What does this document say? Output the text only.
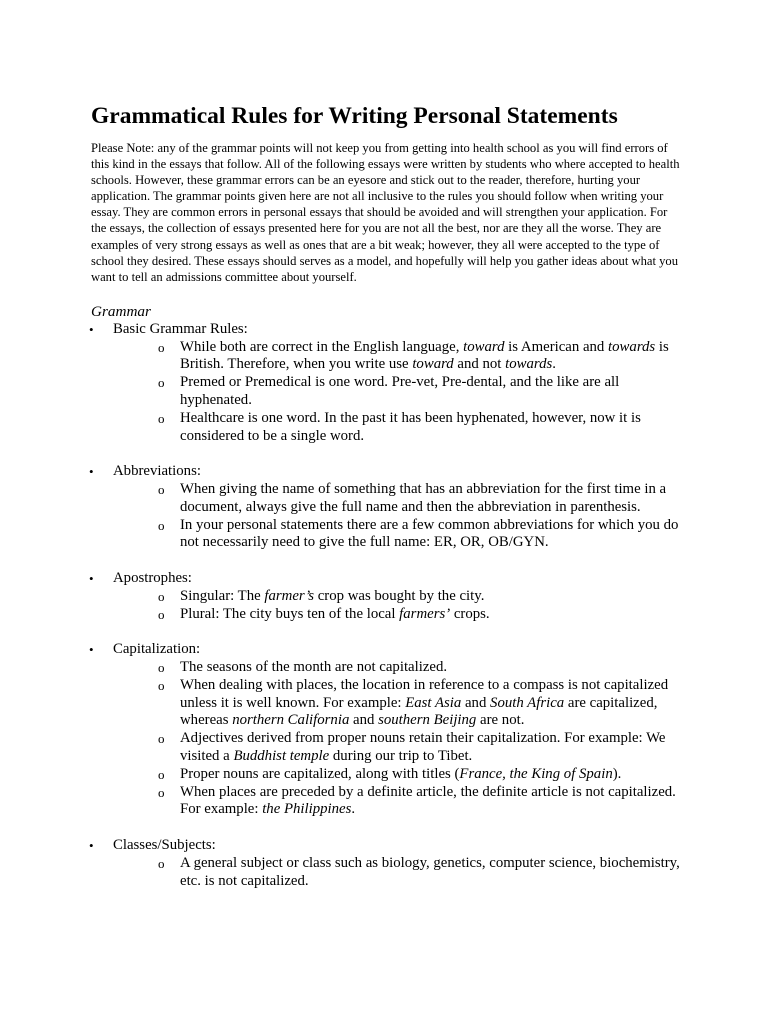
Grammatical Rules for Writing Personal Statements

Please Note: any of the grammar points will not keep you from getting into health school as you will find errors of this kind in the essays that follow. All of the following essays were written by students who where accepted to health schools. However, these grammar errors can be an eyesore and stick out to the reader, therefore, hurting your application. The grammar points given here are not all inclusive to the rules you should follow when writing your essay. They are common errors in personal essays that should be avoided and will strengthen your application. For the essays, the collection of essays presented here for you are not all the best, nor are they all the worse. They are examples of very strong essays as well as ones that are a bit weak; however, they all were accepted to the type of school they desired. These essays should serves as a model, and hopefully will help you gather ideas about what you want to tell an admissions committee about yourself.

Grammar
• Basic Grammar Rules:
o While both are correct in the English language, toward is American and towards is British. Therefore, when you write use toward and not towards.
o Premed or Premedical is one word. Pre-vet, Pre-dental, and the like are all hyphenated.
o Healthcare is one word. In the past it has been hyphenated, however, now it is considered to be a single word.
• Abbreviations:
o When giving the name of something that has an abbreviation for the first time in a document, always give the full name and then the abbreviation in parenthesis.
o In your personal statements there are a few common abbreviations for which you do not necessarily need to give the full name: ER, OR, OB/GYN.
• Apostrophes:
o Singular: The farmer’s crop was bought by the city.
o Plural: The city buys ten of the local farmers’ crops.
• Capitalization:
o The seasons of the month are not capitalized.
o When dealing with places, the location in reference to a compass is not capitalized unless it is well known. For example: East Asia and South Africa are capitalized, whereas northern California and southern Beijing are not.
o Adjectives derived from proper nouns retain their capitalization. For example: We visited a Buddhist temple during our trip to Tibet.
o Proper nouns are capitalized, along with titles (France, the King of Spain).
o When places are preceded by a definite article, the definite article is not capitalized. For example: the Philippines.
• Classes/Subjects:
o A general subject or class such as biology, genetics, computer science, biochemistry, etc. is not capitalized.
